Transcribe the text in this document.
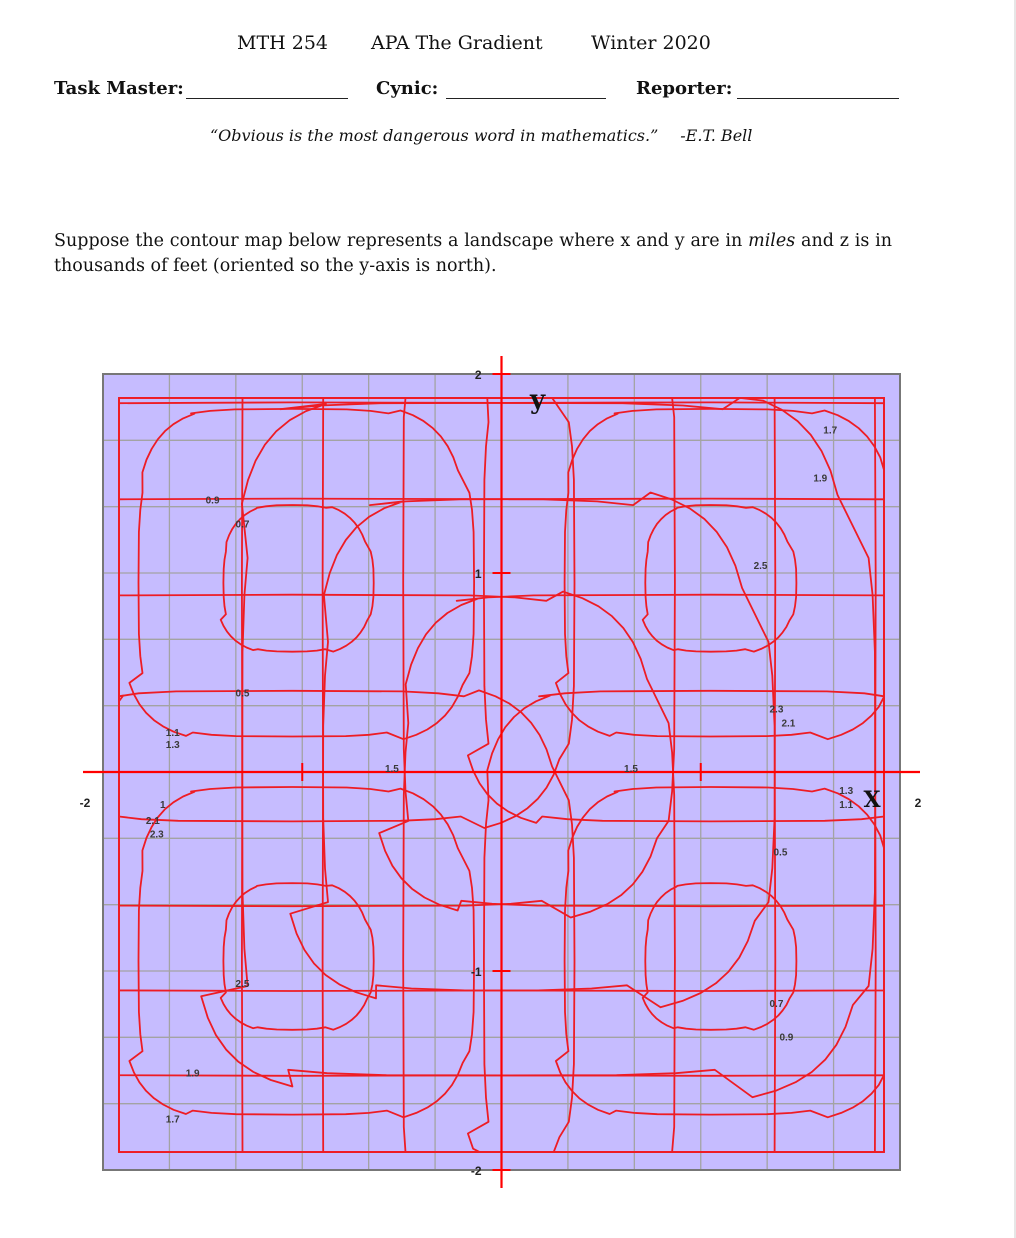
MTH 254 APA The Gradient	Winter 2020
Task Master:	Cynic:	Reporter:
“Obvious is the most dangerous word in mathematics.” -E.T. Bell

Suppose the contour map below represents a landscape where x and y are in miles and z is in thousands of feet (oriented so the y-axis is north).

2
1
-1
-2
-2	2
X
y
0.9
0.7
0.5
1.1
1.3
1.5
1.7
1.9
2.5
2.3
2.1
1.5
1.3
1.1
0.5
1
2.1
2.3
2.5
0.7
0.9
1.9
1.7
